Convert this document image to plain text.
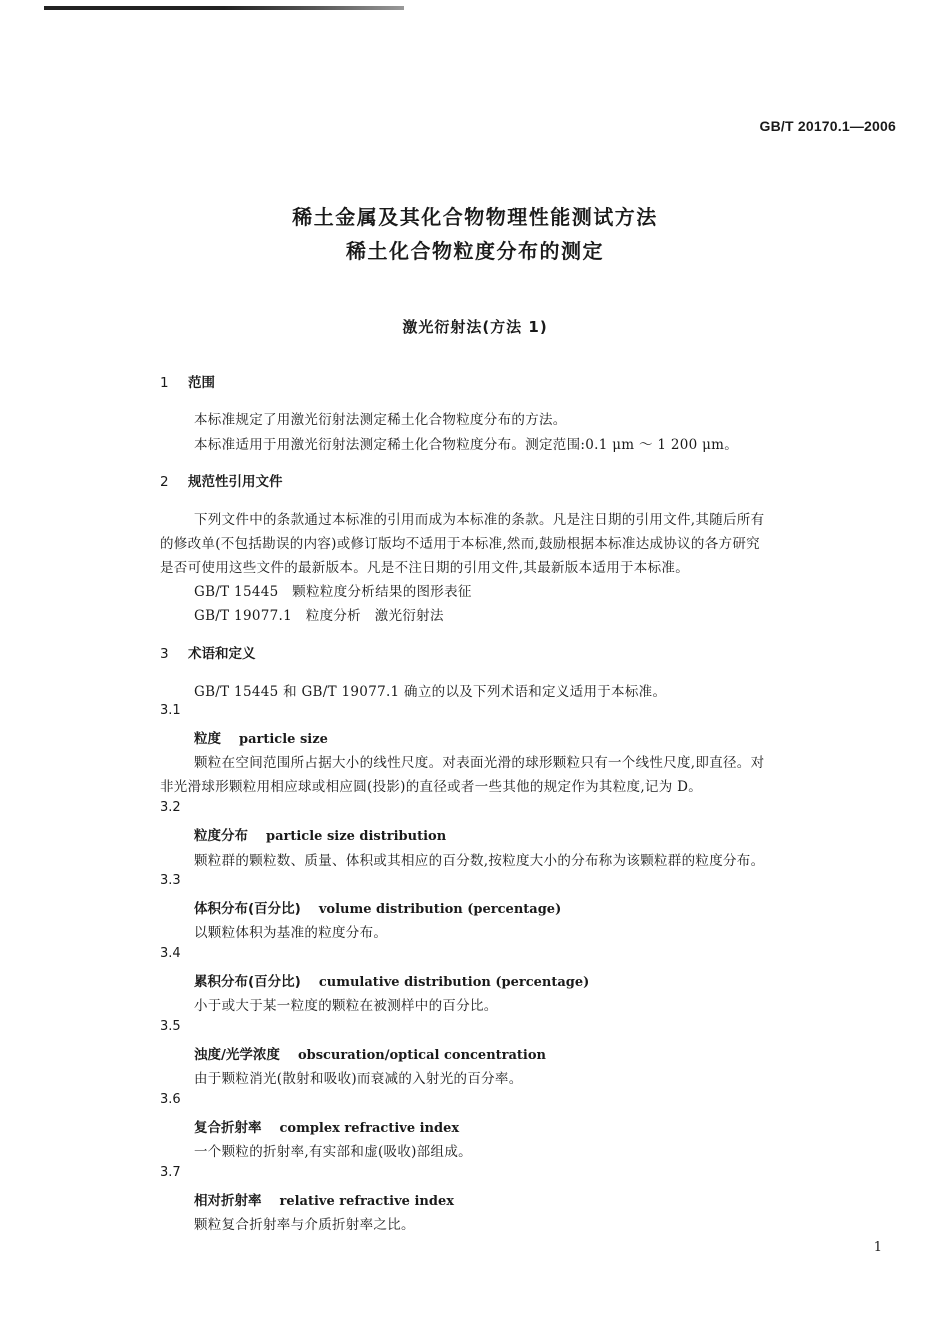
GB/T 20170.1—2006
稀土金属及其化合物物理性能测试方法
稀土化合物粒度分布的测定
激光衍射法(方法 1)
1 范围
本标准规定了用激光衍射法测定稀土化合物粒度分布的方法。
本标准适用于用激光衍射法测定稀土化合物粒度分布。测定范围:0.1 μm ～ 1 200 μm。
2 规范性引用文件
下列文件中的条款通过本标准的引用而成为本标准的条款。凡是注日期的引用文件,其随后所有
的修改单(不包括勘误的内容)或修订版均不适用于本标准,然而,鼓励根据本标准达成协议的各方研究
是否可使用这些文件的最新版本。凡是不注日期的引用文件,其最新版本适用于本标准。
GB/T 15445　颗粒粒度分析结果的图形表征
GB/T 19077.1　粒度分析　激光衍射法
3 术语和定义
GB/T 15445 和 GB/T 19077.1 确立的以及下列术语和定义适用于本标准。
3.1
粒度 particle size
颗粒在空间范围所占据大小的线性尺度。对表面光滑的球形颗粒只有一个线性尺度,即直径。对
非光滑球形颗粒用相应球或相应圆(投影)的直径或者一些其他的规定作为其粒度,记为 D。
3.2
粒度分布 particle size distribution
颗粒群的颗粒数、质量、体积或其相应的百分数,按粒度大小的分布称为该颗粒群的粒度分布。
3.3
体积分布(百分比) volume distribution (percentage)
以颗粒体积为基准的粒度分布。
3.4
累积分布(百分比) cumulative distribution (percentage)
小于或大于某一粒度的颗粒在被测样中的百分比。
3.5
浊度/光学浓度 obscuration/optical concentration
由于颗粒消光(散射和吸收)而衰减的入射光的百分率。
3.6
复合折射率 complex refractive index
一个颗粒的折射率,有实部和虚(吸收)部组成。
3.7
相对折射率 relative refractive index
颗粒复合折射率与介质折射率之比。
1
